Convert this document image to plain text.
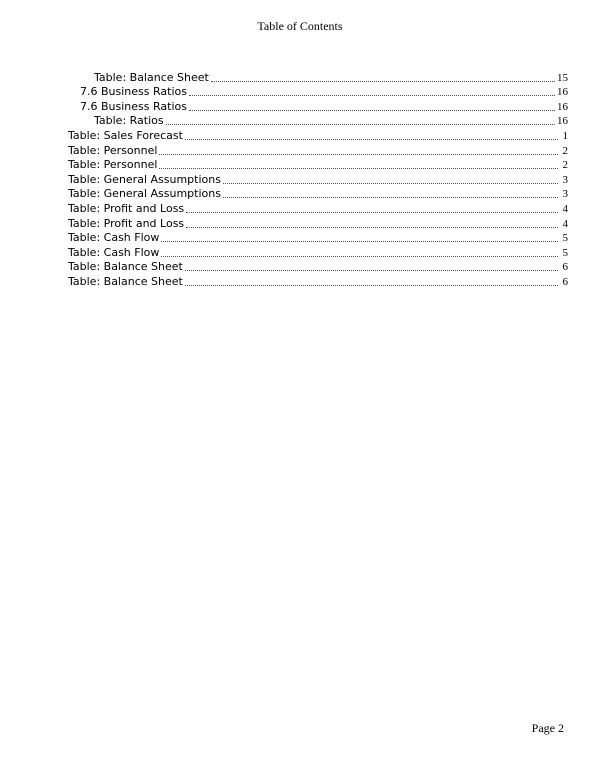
Table of Contents
Table: Balance Sheet	15
7.6 Business Ratios	16
7.6 Business Ratios	16
Table: Ratios	16
Table: Sales Forecast	1
Table: Personnel	2
Table: Personnel	2
Table: General Assumptions	3
Table: General Assumptions	3
Table: Profit and Loss	4
Table: Profit and Loss	4
Table: Cash Flow	5
Table: Cash Flow	5
Table: Balance Sheet	6
Table: Balance Sheet	6
Page 2
